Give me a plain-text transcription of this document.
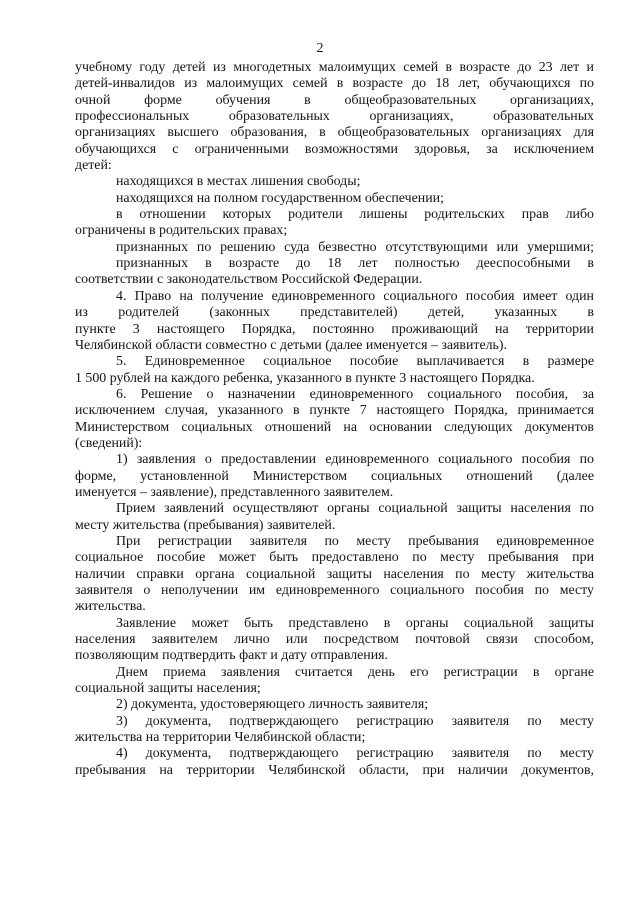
2

учебному году детей из многодетных малоимущих семей в возрасте до 23 лет и

детей-инвалидов из малоимущих семей в возрасте до 18 лет, обучающихся по

очной форме обучения в общеобразовательных организациях,

профессиональных образовательных организациях, образовательных

организациях высшего образования, в общеобразовательных организациях для

обучающихся с ограниченными возможностями здоровья, за исключением

детей:

находящихся в местах лишения свободы;

находящихся на полном государственном обеспечении;

в отношении которых родители лишены родительских прав либо

ограничены в родительских правах;

признанных по решению суда безвестно отсутствующими или умершими;

признанных в возрасте до 18 лет полностью дееспособными в

соответствии с законодательством Российской Федерации.

4. Право на получение единовременного социального пособия имеет один

из родителей (законных представителей) детей, указанных в

пункте 3 настоящего Порядка, постоянно проживающий на территории

Челябинской области совместно с детьми (далее именуется – заявитель).

5. Единовременное социальное пособие выплачивается в размере

1 500 рублей на каждого ребенка, указанного в пункте 3 настоящего Порядка.

6. Решение о назначении единовременного социального пособия, за

исключением случая, указанного в пункте 7 настоящего Порядка, принимается

Министерством социальных отношений на основании следующих документов

(сведений):

1) заявления о предоставлении единовременного социального пособия по

форме, установленной Министерством социальных отношений (далее

именуется – заявление), представленного заявителем.

Прием заявлений осуществляют органы социальной защиты населения по

месту жительства (пребывания) заявителей.

При регистрации заявителя по месту пребывания единовременное

социальное пособие может быть предоставлено по месту пребывания при

наличии справки органа социальной защиты населения по месту жительства

заявителя о неполучении им единовременного социального пособия по месту

жительства.

Заявление может быть представлено в органы социальной защиты

населения заявителем лично или посредством почтовой связи способом,

позволяющим подтвердить факт и дату отправления.

Днем приема заявления считается день его регистрации в органе

социальной защиты населения;

2) документа, удостоверяющего личность заявителя;

3) документа, подтверждающего регистрацию заявителя по месту

жительства на территории Челябинской области;

4) документа, подтверждающего регистрацию заявителя по месту

пребывания на территории Челябинской области, при наличии документов,
